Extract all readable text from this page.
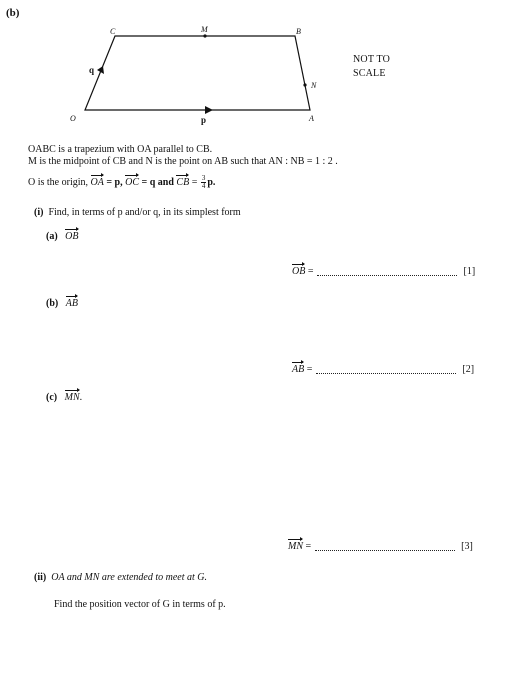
(b)
O	A
B
C	M
N
p
q
NOT TO
SCALE
OABC is a trapezium with OA parallel to CB.
M is the midpoint of CB and N is the point on AB such that AN : NB = 1 : 2 .
O is the origin, OA = p, OC = q and CB = $\frac{3}{4} p$.
(i) Find, in terms of p and/or q, in its simplest form
(a) OB
OB
=	[1]
(b) AB
AB
=	[2]
(c) MN.
MN
=	[3]
(ii) OA and MN are extended to meet at G.
Find the position vector of G in terms of p.
